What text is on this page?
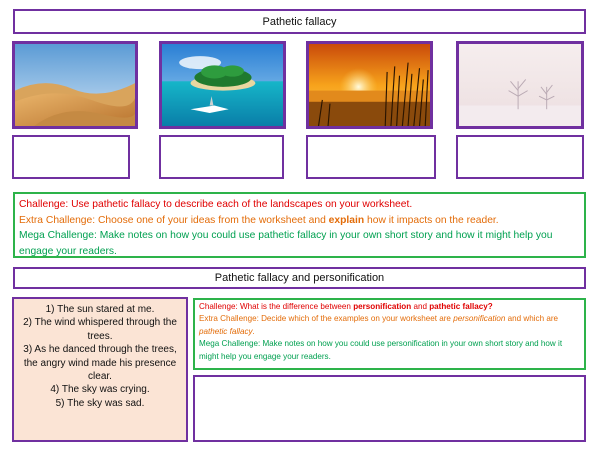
Pathetic fallacy
Challenge: Use pathetic fallacy to describe each of the landscapes on your worksheet.
Extra Challenge: Choose one of your ideas from the worksheet and explain how it impacts on the reader.
Mega Challenge: Make notes on how you could use pathetic fallacy in your own short story and how it might help you engage your readers.
Pathetic fallacy and personification
1) The sun stared at me.
2) The wind whispered through the trees.
3) As he danced through the trees, the angry wind made his presence clear.
4) The sky was crying.
5) The sky was sad.
Challenge: What is the difference between personification and pathetic fallacy?
Extra Challenge: Decide which of the examples on your worksheet are personification and which are pathetic fallacy.
Mega Challenge: Make notes on how you could use personification in your own short story and how it might help you engage your readers.
